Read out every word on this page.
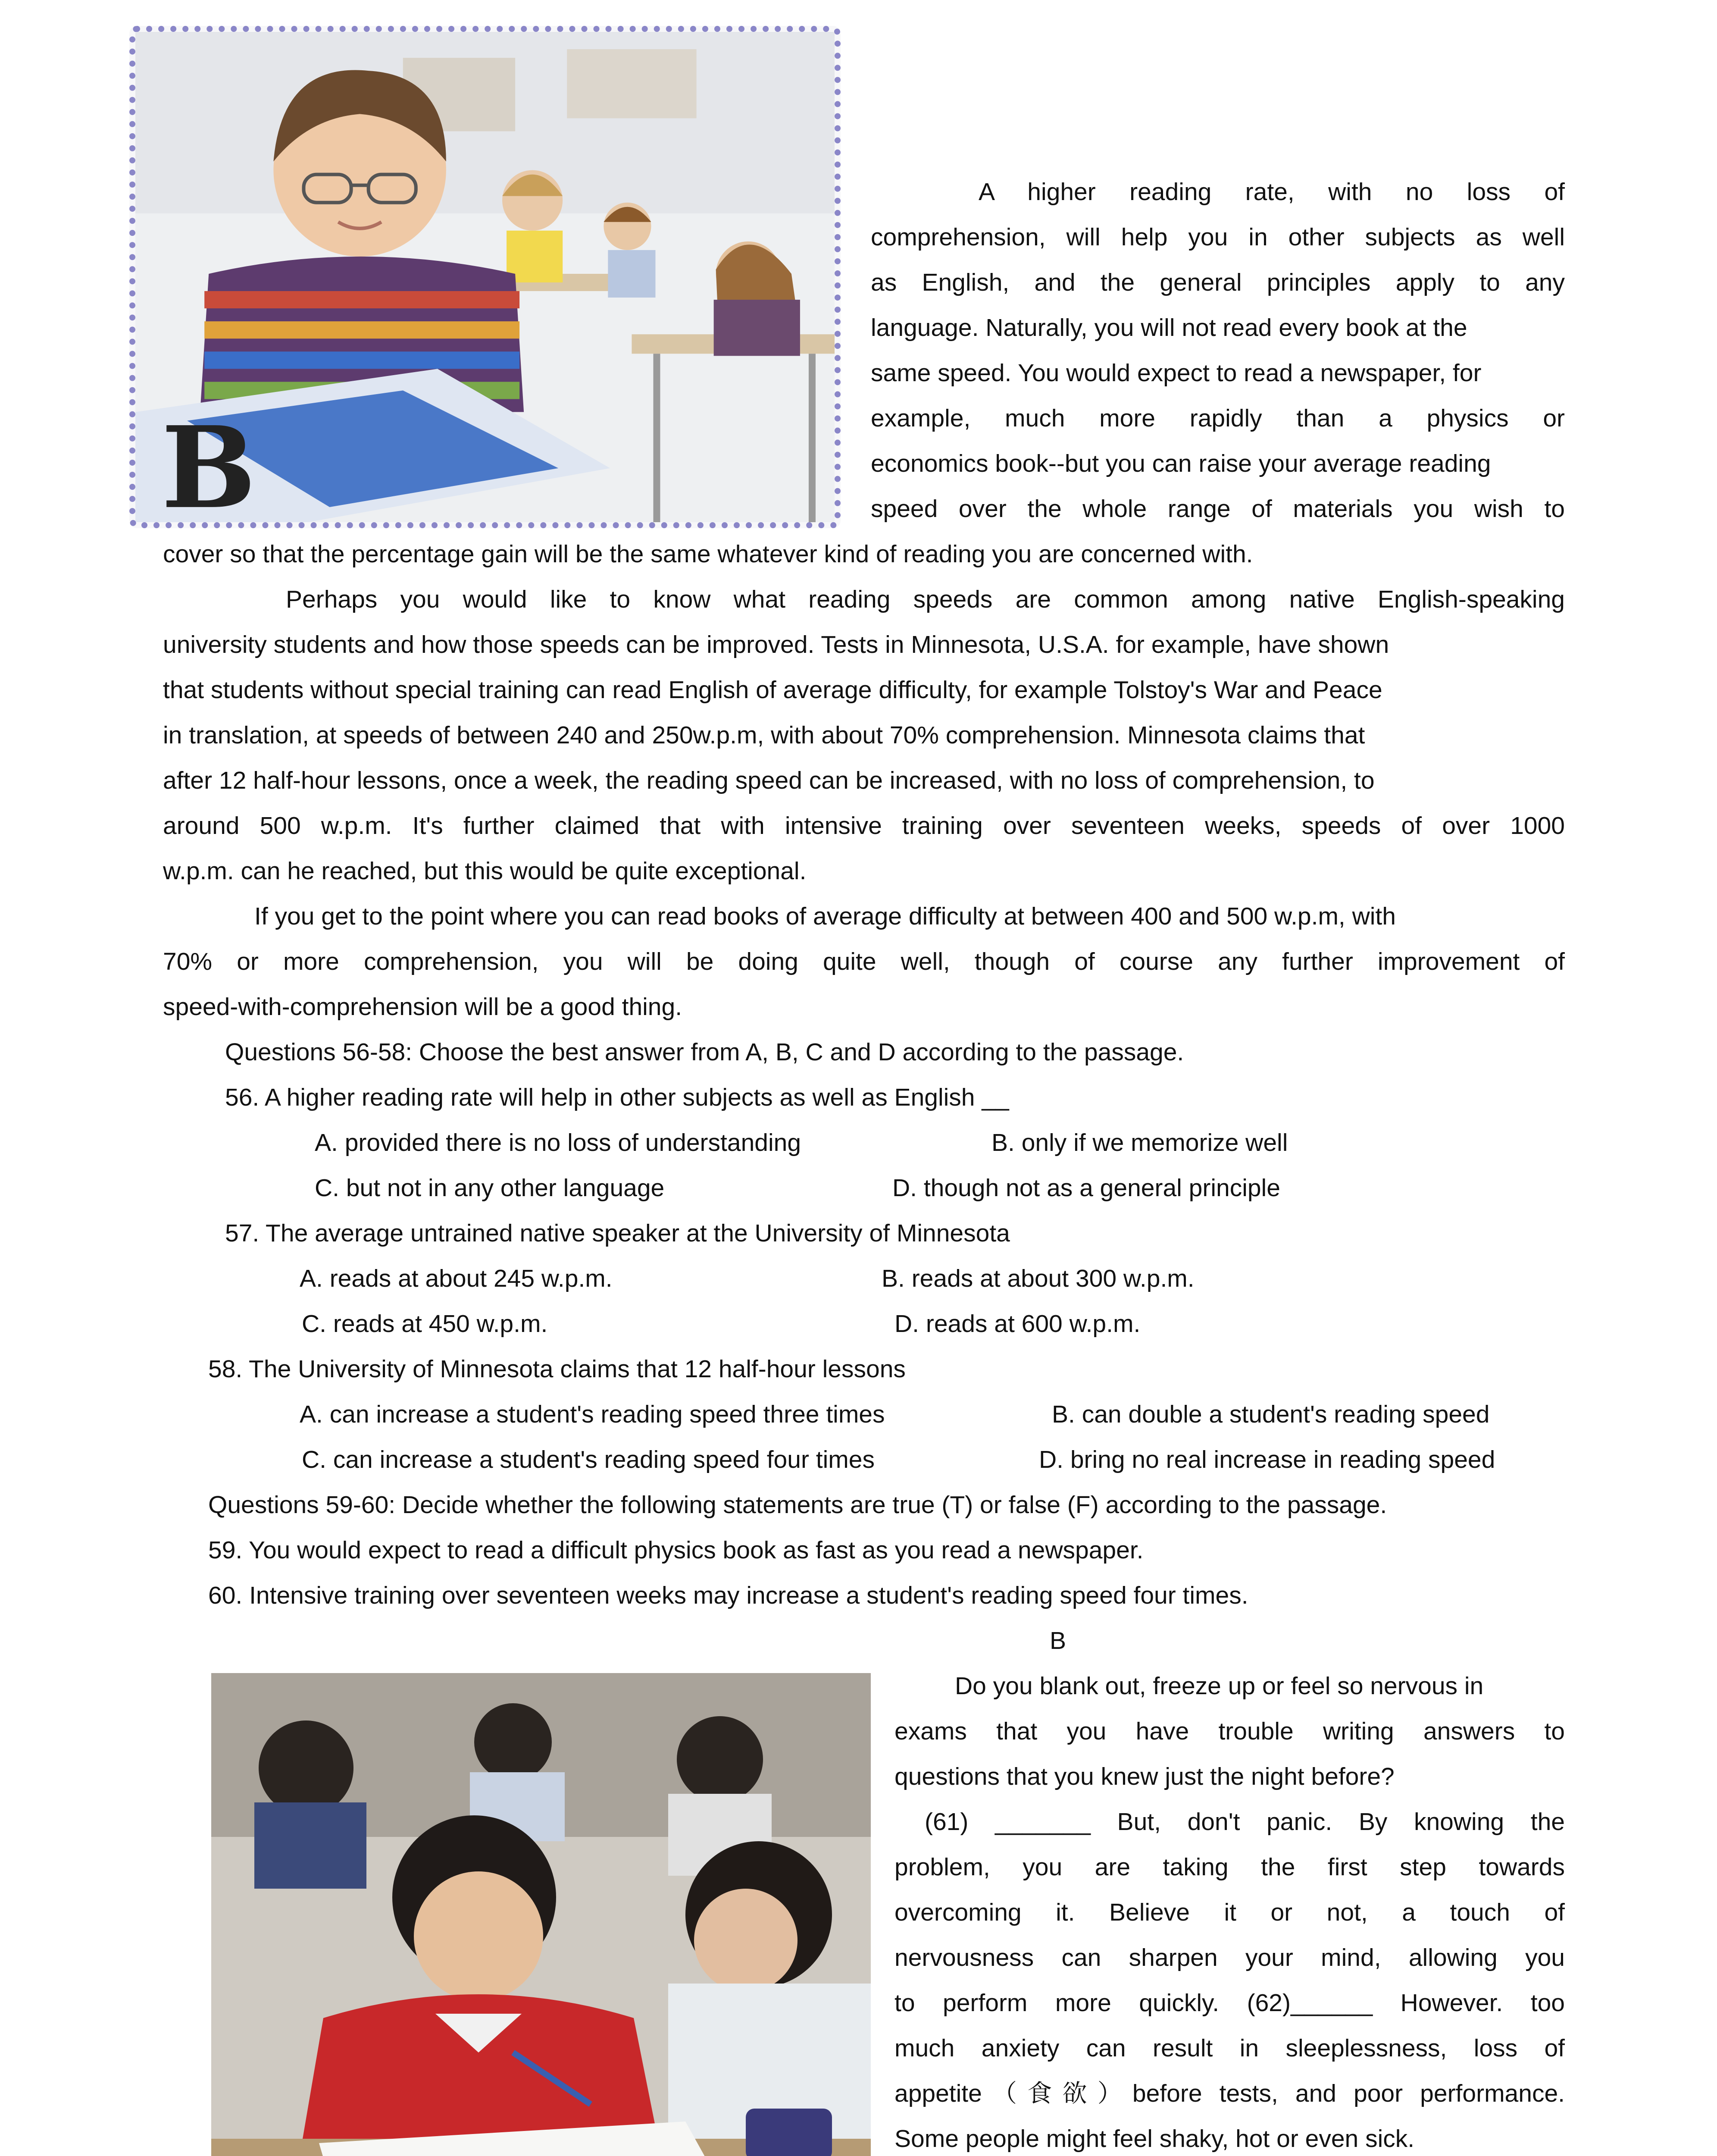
B

A higher reading rate, with no loss of

comprehension, will help you in other subjects as well

as English, and the general principles apply to any

language. Naturally, you will not read every book at the

same speed. You would expect to read a newspaper, for

example, much more rapidly than a physics or

economics book--but you can raise your average reading

speed over the whole range of materials you wish to

cover so that the percentage gain will be the same whatever kind of reading you are concerned with.

Perhaps you would like to know what reading speeds are common among native English-speaking

university students and how those speeds can be improved. Tests in Minnesota, U.S.A. for example, have shown

that students without special training can read English of average difficulty, for example Tolstoy's War and Peace

in translation, at speeds of between 240 and 250w.p.m, with about 70% comprehension. Minnesota claims that

after 12 half-hour lessons, once a week, the reading speed can be increased, with no loss of comprehension, to

around 500 w.p.m. It's further claimed that with intensive training over seventeen weeks, speeds of over 1000

w.p.m. can he reached, but this would be quite exceptional.

If you get to the point where you can read books of average difficulty at between 400 and 500 w.p.m, with

70% or more comprehension, you will be doing quite well, though of course any further improvement of

speed-with-comprehension will be a good thing.

Questions 56-58: Choose the best answer from A, B, C and D according to the passage.

56. A higher reading rate will help in other subjects as well as English __

A. provided there is no loss of understanding	B. only if we memorize well

C. but not in any other language	D. though not as a general principle

57. The average untrained native speaker at the University of Minnesota

A. reads at about 245 w.p.m.	B. reads at about 300 w.p.m.

C. reads at 450 w.p.m.	D. reads at 600 w.p.m.

58. The University of Minnesota claims that 12 half-hour lessons

A. can increase a student's reading speed three times	B. can double a student's reading speed

C. can increase a student's reading speed four times	D. bring no real increase in reading speed

Questions 59-60: Decide whether the following statements are true (T) or false (F) according to the passage.

59. You would expect to read a difficult physics book as fast as you read a newspaper.

60. Intensive training over seventeen weeks may increase a student's reading speed four times.

B

Do you blank out, freeze up or feel so nervous in

exams that you have trouble writing answers to

questions that you knew just the night before?

(61) _______ But, don't panic. By knowing the

problem, you are taking the first step towards

overcoming it. Believe it or not, a touch of

nervousness can sharpen your mind, allowing you

to perform more quickly. (62)______ However. too

much anxiety can result in sleeplessness, loss of

appetite（食欲）before tests, and poor performance.

Some people might feel shaky, hot or even sick.
